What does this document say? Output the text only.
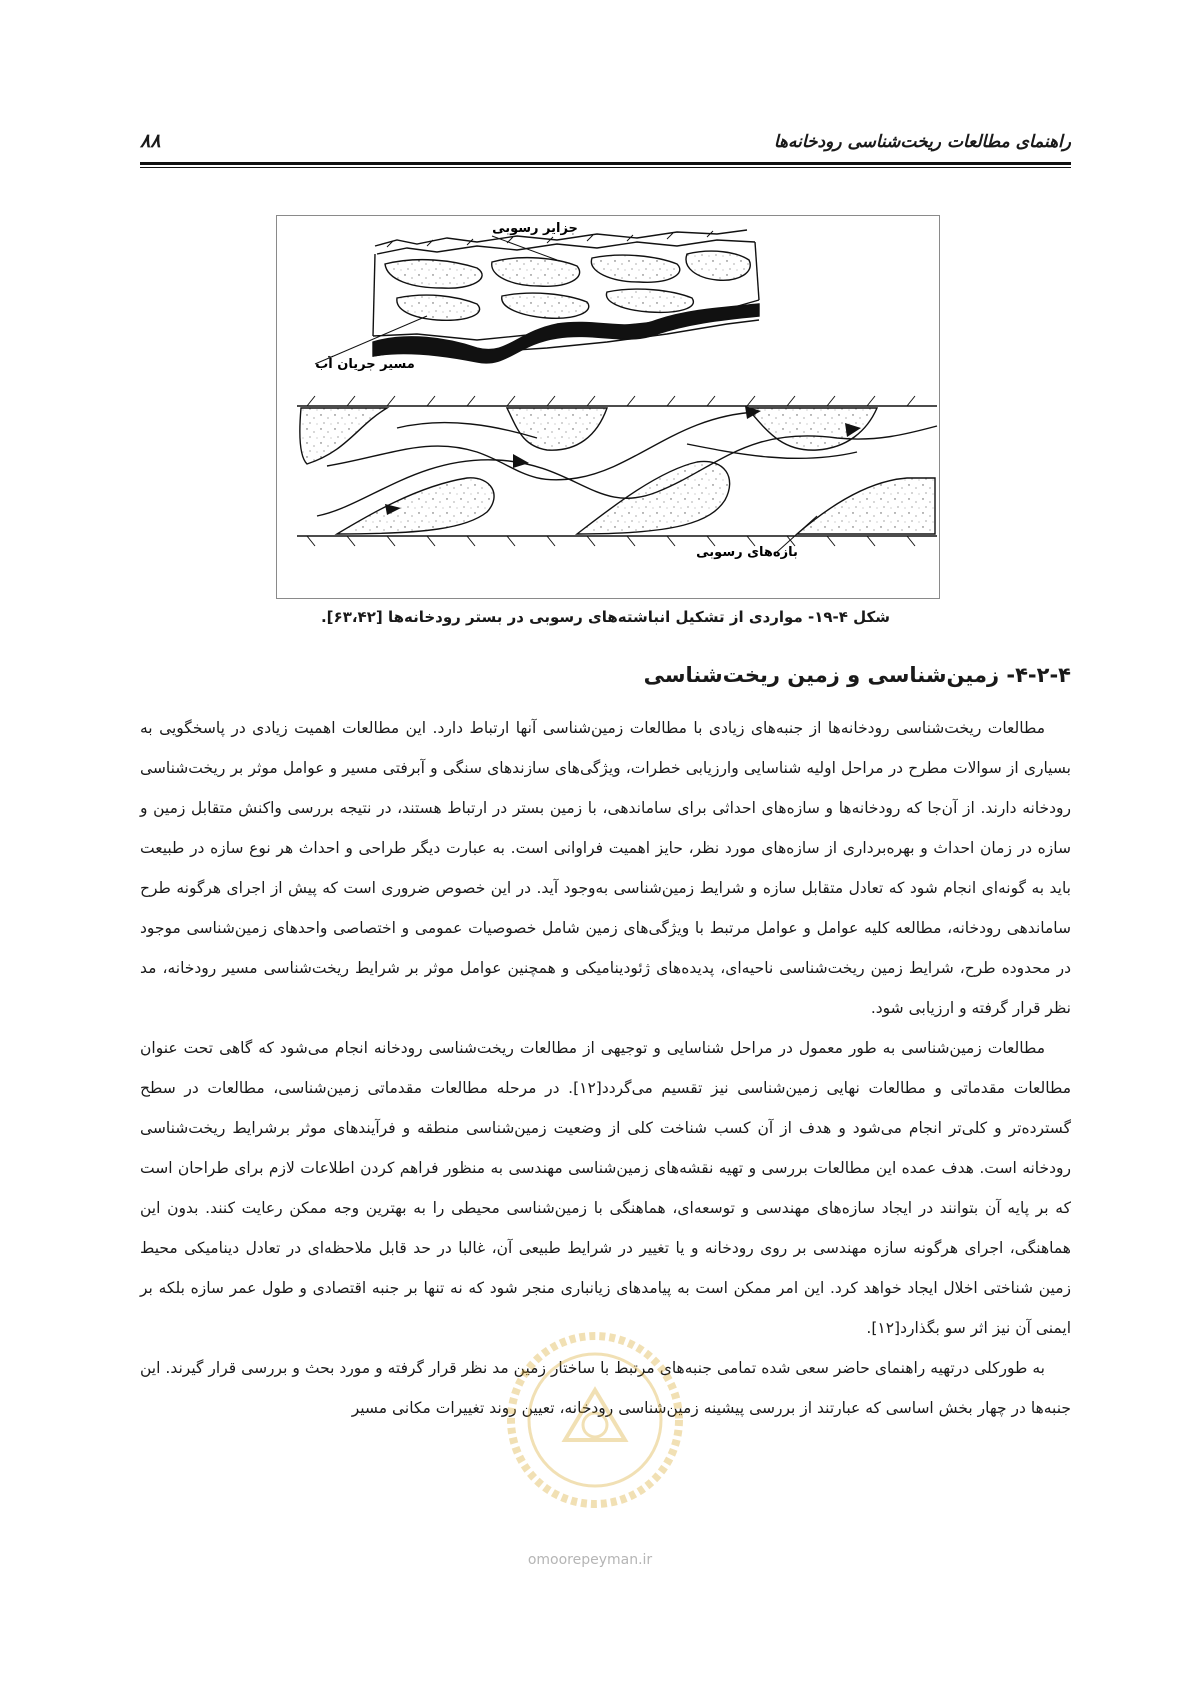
راهنمای مطالعات ریخت‌شناسی رودخانه‌ها
۸۸
جزایر رسوبی
مسیر جریان آب
بازه‌های رسوبی
شکل ۴-۱۹- مواردی از تشکیل انباشته‌های رسوبی در بستر رودخانه‌ها [۶۳،۴۲].
۴-۲-۴- زمین‌شناسی و زمین ریخت‌شناسی

مطالعات ریخت‌شناسی رودخانه‌ها از جنبه‌های زیادی با مطالعات زمین‌شناسی آنها ارتباط دارد. این مطالعات اهمیت زیادی در پاسخگویی به بسیاری از سوالات مطرح در مراحل اولیه شناسایی وارزیابی خطرات، ویژگی‌های سازندهای سنگی و آبرفتی مسیر و عوامل موثر بر ریخت‌شناسی رودخانه دارند. از آن‌جا که رودخانه‌ها و سازه‌های احداثی برای ساماندهی، با زمین بستر در ارتباط هستند، در نتیجه بررسی واکنش متقابل زمین و سازه در زمان احداث و بهره‌برداری از سازه‌های مورد نظر، حایز اهمیت فراوانی است. به عبارت دیگر طراحی و احداث هر نوع سازه در طبیعت باید به گونه‌ای انجام شود که تعادل متقابل سازه و شرایط زمین‌شناسی به‌وجود آید. در این خصوص ضروری است که پیش از اجرای هرگونه طرح ساماندهی رودخانه، مطالعه کلیه عوامل و عوامل مرتبط با ویژگی‌های زمین شامل خصوصیات عمومی و اختصاصی واحدهای زمین‌شناسی موجود در محدوده طرح، شرایط زمین ریخت‌شناسی ناحیه‌ای، پدیده‌های ژئودینامیکی و همچنین عوامل موثر بر شرایط ریخت‌شناسی مسیر رودخانه، مد نظر قرار گرفته و ارزیابی شود.

مطالعات زمین‌شناسی به طور معمول در مراحل شناسایی و توجیهی از مطالعات ریخت‌شناسی رودخانه انجام می‌شود که گاهی تحت عنوان مطالعات مقدماتی و مطالعات نهایی زمین‌شناسی نیز تقسیم می‌گردد[۱۲]. در مرحله مطالعات مقدماتی زمین‌شناسی، مطالعات در سطح گسترده‌تر و کلی‌تر انجام می‌شود و هدف از آن کسب شناخت کلی از وضعیت زمین‌شناسی منطقه و فرآیندهای موثر برشرایط ریخت‌شناسی رودخانه است. هدف عمده این مطالعات بررسی و تهیه نقشه‌های زمین‌شناسی مهندسی به منظور فراهم کردن اطلاعات لازم برای طراحان است که بر پایه آن بتوانند در ایجاد سازه‌های مهندسی و توسعه‌ای، هماهنگی با زمین‌شناسی محیطی را به بهترین وجه ممکن رعایت کنند. بدون این هماهنگی، اجرای هرگونه سازه مهندسی بر روی رودخانه و یا تغییر در شرایط طبیعی آن، غالبا در حد قابل ملاحظه‌ای در تعادل دینامیکی محیط زمین شناختی اخلال ایجاد خواهد کرد. این امر ممکن است به پیامدهای زیانباری منجر شود که نه تنها بر جنبه اقتصادی و طول عمر سازه بلکه بر ایمنی آن نیز اثر سو بگذارد[۱۲].

به طورکلی درتهیه راهنمای حاضر سعی شده تمامی جنبه‌های مرتبط با ساختار زمین مد نظر قرار گرفته و مورد بحث و بررسی قرار گیرند. این جنبه‌ها در چهار بخش اساسی که عبارتند از بررسی پیشینه زمین‌شناسی رودخانه، تعیین روند تغییرات مکانی مسیر

omoorepeyman.ir
